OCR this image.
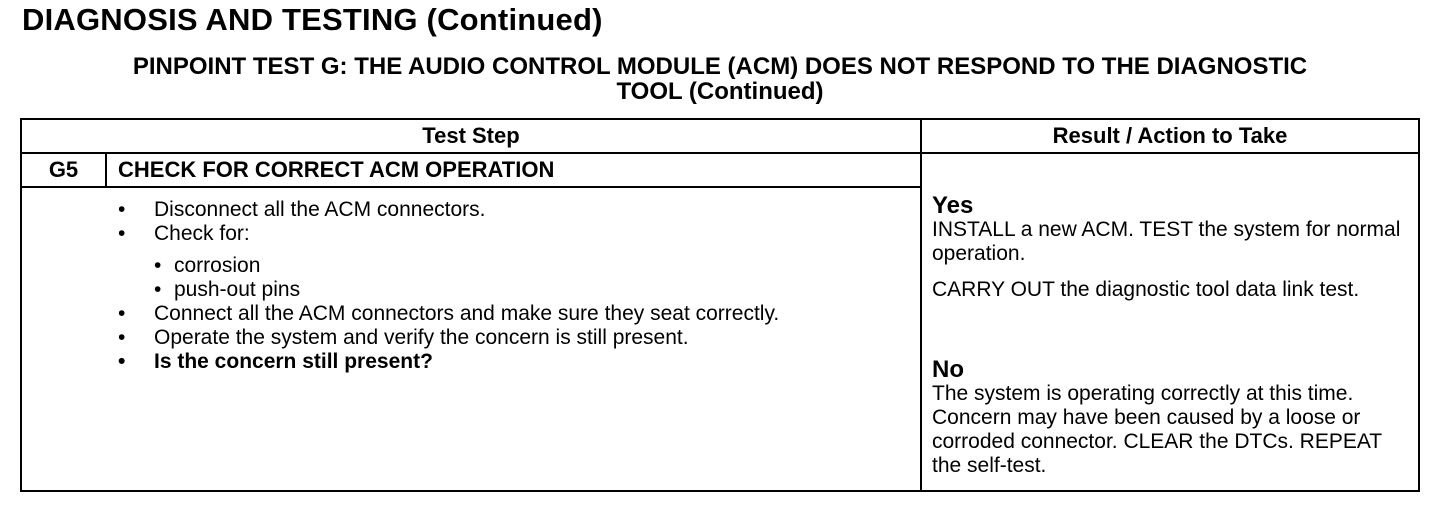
DIAGNOSIS AND TESTING (Continued)
PINPOINT TEST G: THE AUDIO CONTROL MODULE (ACM) DOES NOT RESPOND TO THE DIAGNOSTIC
TOOL (Continued)
Test Step	Result / Action to Take
G5	CHECK FOR CORRECT ACM OPERATION
• Disconnect all the ACM connectors.
• Check for:
• corrosion
• push-out pins
• Connect all the ACM connectors and make sure they seat correctly.
• Operate the system and verify the concern is still present.
• Is the concern still present?
Yes

INSTALL a new ACM. TEST the system for normal operation.

CARRY OUT the diagnostic tool data link test.

No

The system is operating correctly at this time. Concern may have been caused by a loose or corroded connector. CLEAR the DTCs. REPEAT the self-test.
